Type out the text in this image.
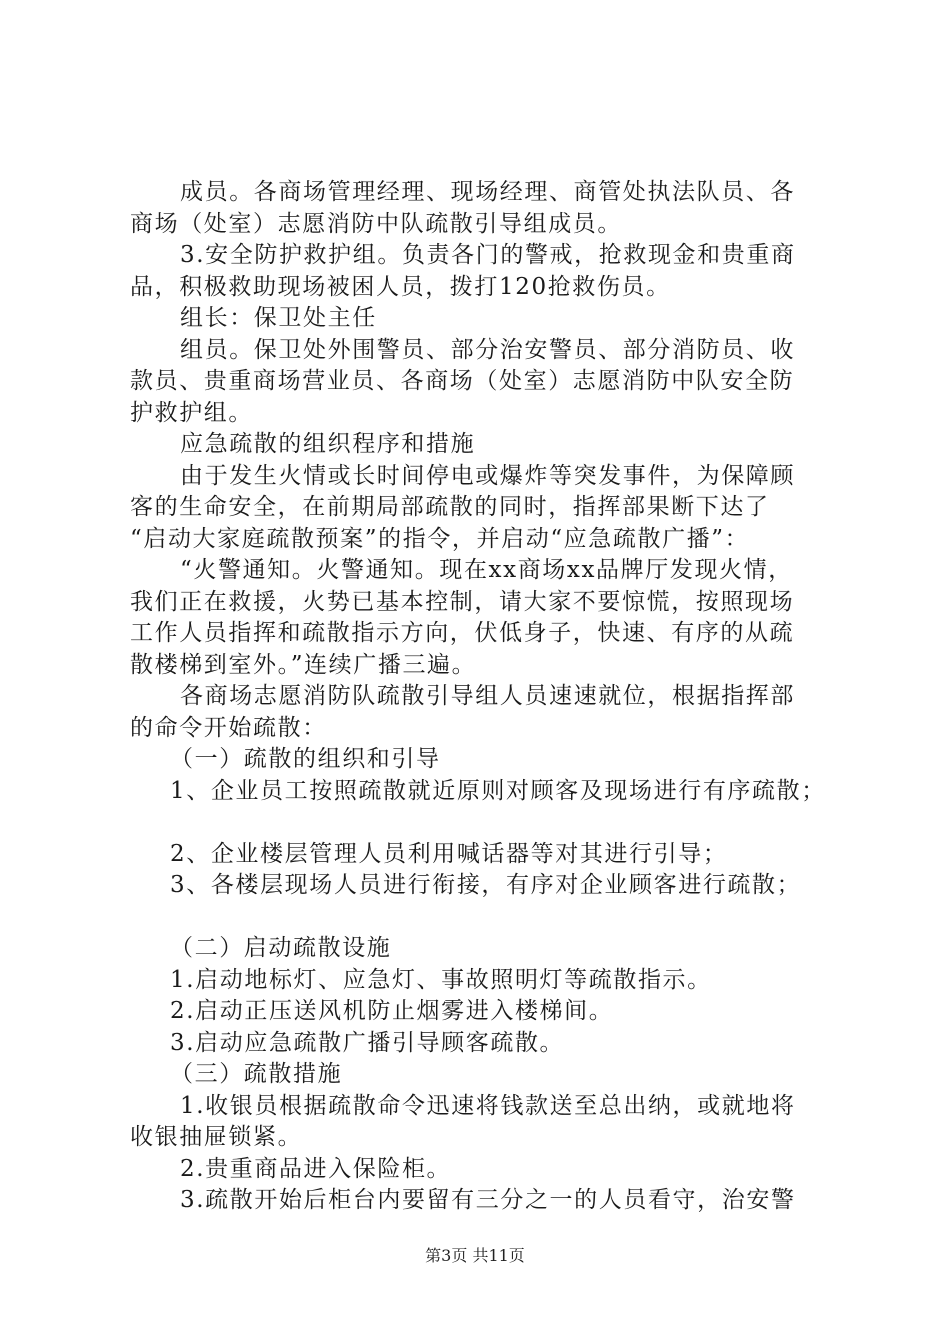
成员。各商场管理经理、现场经理、商管处执法队员、各
商场（处室）志愿消防中队疏散引导组成员。
3.安全防护救护组。负责各门的警戒，抢救现金和贵重商
品，积极救助现场被困人员，拨打120抢救伤员。
组长：保卫处主任
组员。保卫处外围警员、部分治安警员、部分消防员、收
款员、贵重商场营业员、各商场（处室）志愿消防中队安全防
护救护组。
应急疏散的组织程序和措施
由于发生火情或长时间停电或爆炸等突发事件，为保障顾
客的生命安全，在前期局部疏散的同时，指挥部果断下达了
“启动大家庭疏散预案”的指令，并启动“应急疏散广播”：
“火警通知。火警通知。现在xx商场xx品牌厅发现火情，
我们正在救援，火势已基本控制，请大家不要惊慌，按照现场
工作人员指挥和疏散指示方向，伏低身子，快速、有序的从疏
散楼梯到室外。”连续广播三遍。
各商场志愿消防队疏散引导组人员速速就位，根据指挥部
的命令开始疏散：
（一）疏散的组织和引导
1、企业员工按照疏散就近原则对顾客及现场进行有序疏散；
2、企业楼层管理人员利用喊话器等对其进行引导；
3、各楼层现场人员进行衔接，有序对企业顾客进行疏散；
（二）启动疏散设施
1.启动地标灯、应急灯、事故照明灯等疏散指示。
2.启动正压送风机防止烟雾进入楼梯间。
3.启动应急疏散广播引导顾客疏散。
（三）疏散措施
1.收银员根据疏散命令迅速将钱款送至总出纳，或就地将
收银抽屉锁紧。
2.贵重商品进入保险柜。
3.疏散开始后柜台内要留有三分之一的人员看守，治安警
第3页 共11页
